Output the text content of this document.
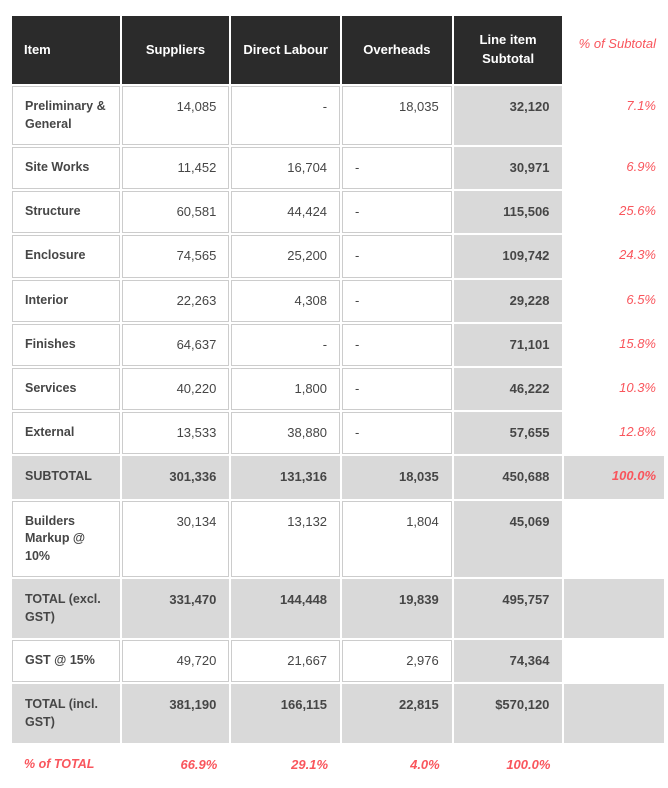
Item	Suppliers	Direct Labour	Overheads	Line item Subtotal	% of Subtotal
Preliminary & General	14,085	-	18,035	32,120	7.1%
Site Works	11,452	16,704	-	30,971	6.9%
Structure	60,581	44,424	-	115,506	25.6%
Enclosure	74,565	25,200	-	109,742	24.3%
Interior	22,263	4,308	-	29,228	6.5%
Finishes	64,637	-	-	71,101	15.8%
Services	40,220	1,800	-	46,222	10.3%
External	13,533	38,880	-	57,655	12.8%
SUBTOTAL	301,336	131,316	18,035	450,688	100.0%
Builders Markup @ 10%	30,134	13,132	1,804	45,069	
TOTAL (excl. GST)	331,470	144,448	19,839	495,757	
GST @ 15%	49,720	21,667	2,976	74,364	
TOTAL (incl. GST)	381,190	166,115	22,815	$570,120	
% of TOTAL	66.9%	29.1%	4.0%	100.0%	
